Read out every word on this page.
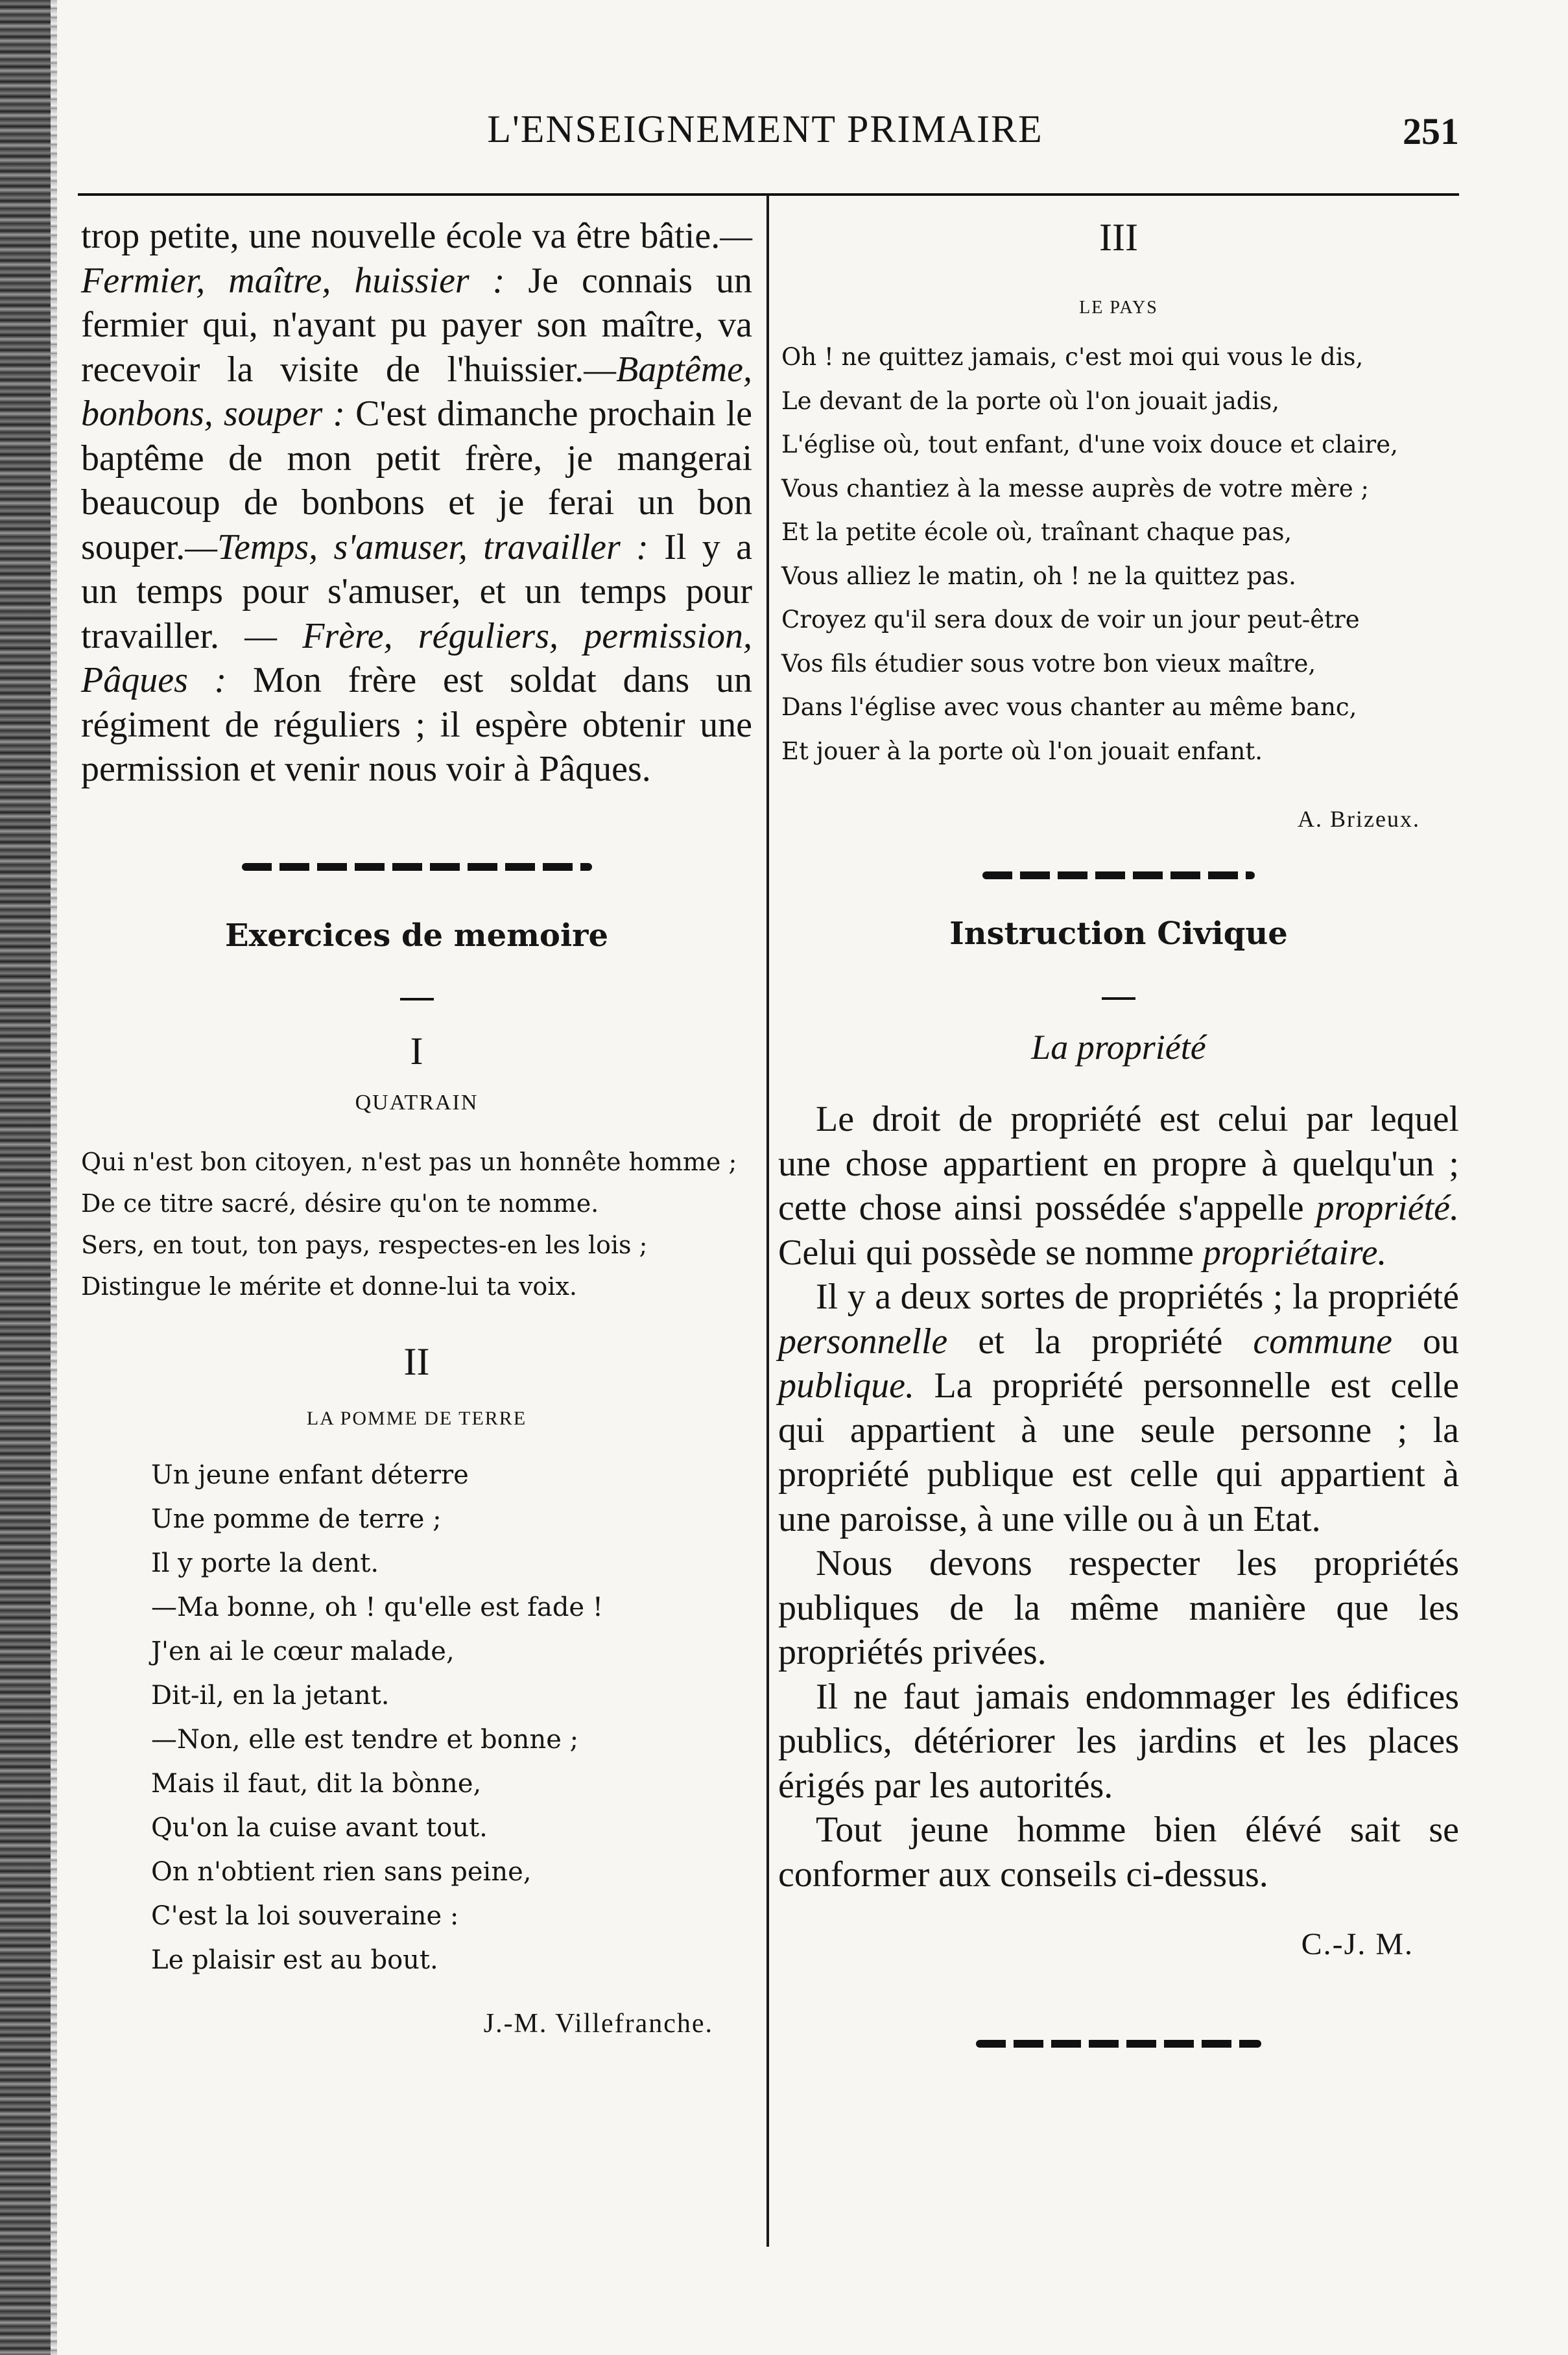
L'ENSEIGNEMENT PRIMAIRE	251

trop petite, une nouvelle école va être bâtie.—Fermier, maître, huissier : Je connais un fermier qui, n'ayant pu payer son maître, va recevoir la visite de l'huissier.—Baptême, bonbons, souper : C'est dimanche prochain le baptême de mon petit frère, je mangerai beaucoup de bonbons et je ferai un bon souper.—Temps, s'amuser, travailler : Il y a un temps pour s'amuser, et un temps pour travailler. — Frère, réguliers, permission, Pâques : Mon frère est soldat dans un régiment de réguliers ; il espère obtenir une permission et venir nous voir à Pâques.

Exercices de memoire
I
QUATRAIN
Qui n'est bon citoyen, n'est pas un honnête homme ;
De ce titre sacré, désire qu'on te nomme.
Sers, en tout, ton pays, respectes-en les lois ;
Distingue le mérite et donne-lui ta voix.
II
LA POMME DE TERRE
Un jeune enfant déterre
Une pomme de terre ;
Il y porte la dent.
—Ma bonne, oh ! qu'elle est fade !
J'en ai le cœur malade,
Dit-il, en la jetant.
—Non, elle est tendre et bonne ;
Mais il faut, dit la bònne,
Qu'on la cuise avant tout.
On n'obtient rien sans peine,
C'est la loi souveraine :
Le plaisir est au bout.
J.-M. Villefranche.
III
LE PAYS
Oh ! ne quittez jamais, c'est moi qui vous le dis,
Le devant de la porte où l'on jouait jadis,
L'église où, tout enfant, d'une voix douce et claire,
Vous chantiez à la messe auprès de votre mère ;
Et la petite école où, traînant chaque pas,
Vous alliez le matin, oh ! ne la quittez pas.
Croyez qu'il sera doux de voir un jour peut-être
Vos fils étudier sous votre bon vieux maître,
Dans l'église avec vous chanter au même banc,
Et jouer à la porte où l'on jouait enfant.
A. Brizeux.
Instruction Civique
La propriété

Le droit de propriété est celui par lequel une chose appartient en propre à quelqu'un ; cette chose ainsi possédée s'appelle propriété. Celui qui possède se nomme propriétaire.

Il y a deux sortes de propriétés ; la propriété personnelle et la propriété commune ou publique. La propriété personnelle est celle qui appartient à une seule personne ; la propriété publique est celle qui appartient à une paroisse, à une ville ou à un Etat.

Nous devons respecter les propriétés publiques de la même manière que les propriétés privées.

Il ne faut jamais endommager les édifices publics, détériorer les jardins et les places érigés par les autorités.

Tout jeune homme bien élévé sait se conformer aux conseils ci-dessus.

C.-J. M.
